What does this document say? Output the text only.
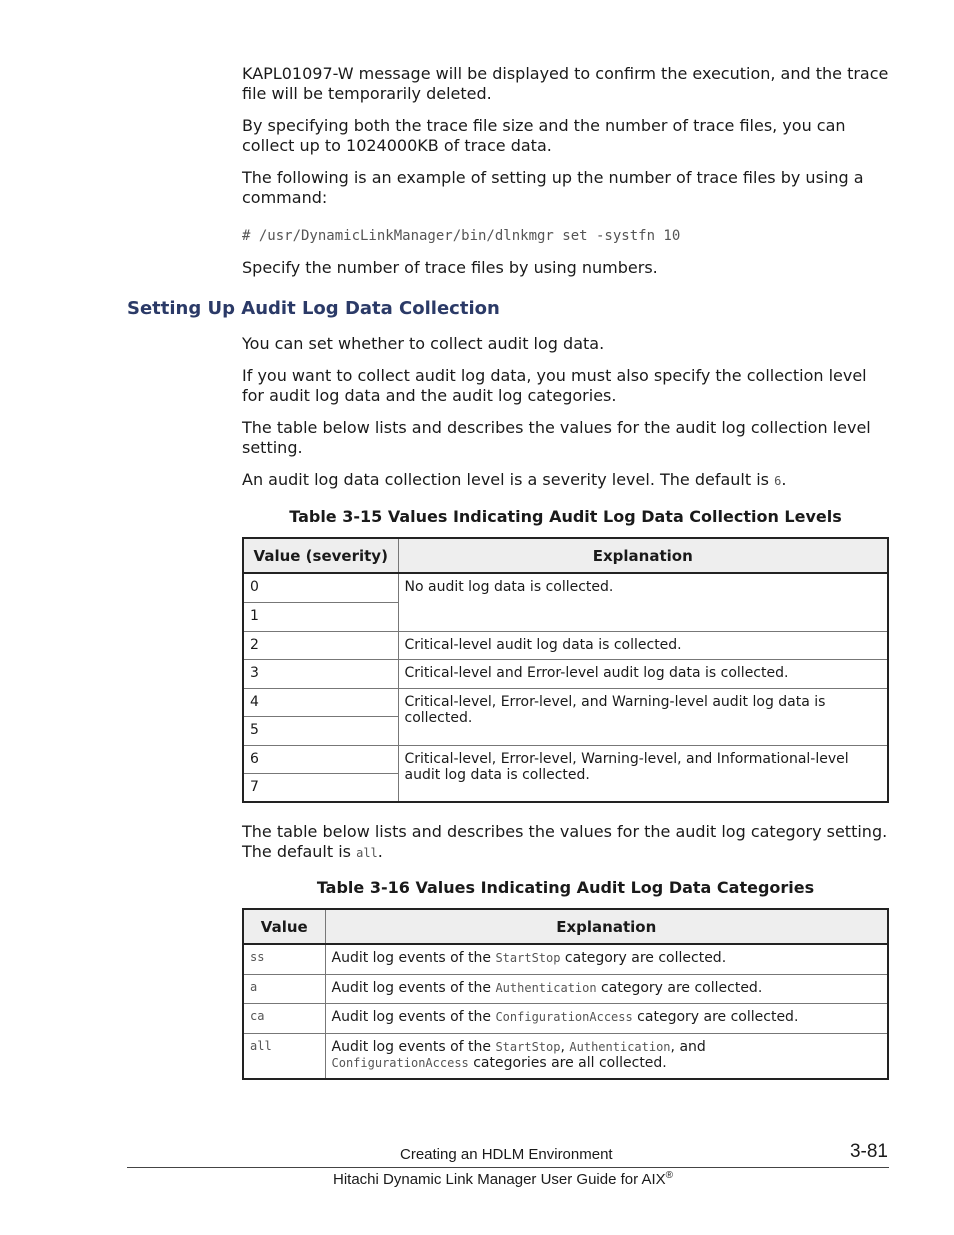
KAPL01097-W message will be displayed to confirm the execution, and the trace file will be temporarily deleted.

By specifying both the trace file size and the number of trace files, you can collect up to 1024000KB of trace data.

The following is an example of setting up the number of trace files by using a command:

# /usr/DynamicLinkManager/bin/dlnkmgr set -systfn 10

Specify the number of trace files by using numbers.

Setting Up Audit Log Data Collection

You can set whether to collect audit log data.

If you want to collect audit log data, you must also specify the collection level for audit log data and the audit log categories.

The table below lists and describes the values for the audit log collection level setting.

An audit log data collection level is a severity level. The default is 6.

Table 3-15 Values Indicating Audit Log Data Collection Levels
Value (severity)	Explanation
0	No audit log data is collected.
1	
2	Critical-level audit log data is collected.
3	Critical-level and Error-level audit log data is collected.
4	Critical-level, Error-level, and Warning-level audit log data is collected.
5	
6	Critical-level, Error-level, Warning-level, and Informational-level audit log data is collected.
7	

The table below lists and describes the values for the audit log category setting. The default is all.

Table 3-16 Values Indicating Audit Log Data Categories
Value	Explanation
ss	Audit log events of the StartStop category are collected.
a	Audit log events of the Authentication category are collected.
ca	Audit log events of the ConfigurationAccess category are collected.
all	Audit log events of the StartStop, Authentication, and
ConfigurationAccess categories are all collected.
Creating an HDLM Environment	3-81
Hitachi Dynamic Link Manager User Guide for AIX®
